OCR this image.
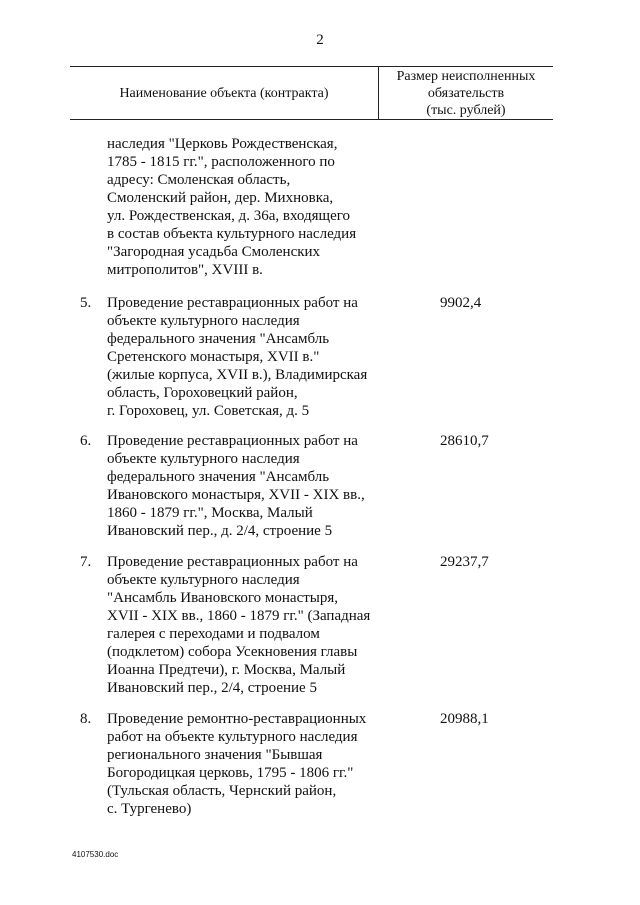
2
Наименование объекта (контракта)
Размер неисполненных
обязательств
(тыс. рублей)
наследия "Церковь Рождественская,
1785 - 1815 гг.", расположенного по
адресу: Смоленская область,
Смоленский район, дер. Михновка,
ул. Рождественская, д. 36а, входящего
в состав объекта культурного наследия
"Загородная усадьба Смоленских
митрополитов", XVIII в.
5. Проведение реставрационных работ на
объекте культурного наследия
федерального значения "Ансамбль
Сретенского монастыря, XVII в."
(жилые корпуса, XVII в.), Владимирская
область, Гороховецкий район,
г. Гороховец, ул. Советская, д. 5
9902,4
6. Проведение реставрационных работ на
объекте культурного наследия
федерального значения "Ансамбль
Ивановского монастыря, XVII - XIX вв.,
1860 - 1879 гг.", Москва, Малый
Ивановский пер., д. 2/4, строение 5
28610,7
7. Проведение реставрационных работ на
объекте культурного наследия
"Ансамбль Ивановского монастыря,
XVII - XIX вв., 1860 - 1879 гг." (Западная
галерея с переходами и подвалом
(подклетом) собора Усекновения главы
Иоанна Предтечи), г. Москва, Малый
Ивановский пер., 2/4, строение 5
29237,7
8. Проведение ремонтно-реставрационных
работ на объекте культурного наследия
регионального значения "Бывшая
Богородицкая церковь, 1795 - 1806 гг."
(Тульская область, Чернский район,
с. Тургенево)
20988,1
4107530.doc
